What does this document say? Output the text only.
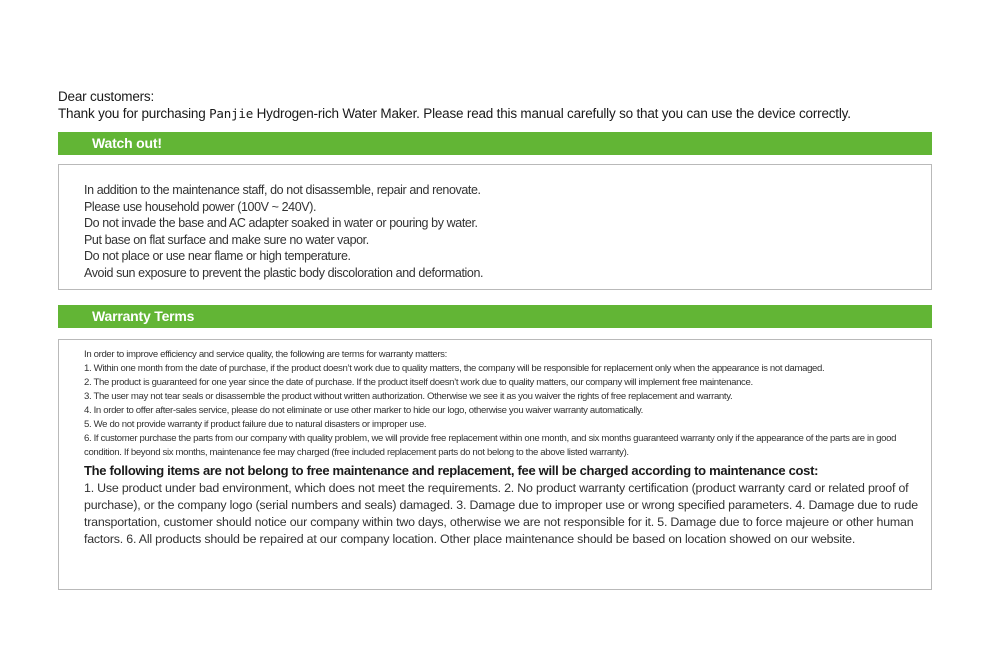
Dear customers:
Thank you for purchasing Panjie Hydrogen-rich Water Maker. Please read this manual carefully so that you can use the device correctly.
Watch out!
In addition to the maintenance staff, do not disassemble, repair and renovate.
Please use household power (100V ~ 240V).
Do not invade the base and AC adapter soaked in water or pouring by water.
Put base on flat surface and make sure no water vapor.
Do not place or use near flame or high temperature.
Avoid sun exposure to prevent the plastic body discoloration and deformation.
Warranty Terms
In order to improve efficiency and service quality, the following are terms for warranty matters:
1. Within one month from the date of purchase, if the product doesn’t work due to quality matters, the company will be responsible for replacement only when the appearance is not damaged.
2. The product is guaranteed for one year since the date of purchase. If the product itself doesn’t work due to quality matters, our company will implement free maintenance.
3. The user may not tear seals or disassemble the product without written authorization. Otherwise we see it as you waiver the rights of free replacement and warranty.
4. In order to offer after-sales service, please do not eliminate or use other marker to hide our logo, otherwise you waiver warranty automatically.
5. We do not provide warranty if product failure due to natural disasters or improper use.
6. If customer purchase the parts from our company with quality problem, we will provide free replacement within one month, and six months guaranteed warranty only if the appearance of the parts are in good condition. If beyond six months, maintenance fee may charged (free included replacement parts do not belong to the above listed warranty).
The following items are not belong to free maintenance and replacement, fee will be charged according to maintenance cost:
1. Use product under bad environment, which does not meet the requirements. 2. No product warranty certification (product warranty card or related proof of purchase), or the company logo (serial numbers and seals) damaged. 3. Damage due to improper use or wrong specified parameters. 4. Damage due to rude transportation, customer should notice our company within two days, otherwise we are not responsible for it. 5. Damage due to force majeure or other human factors. 6. All products should be repaired at our company location. Other place maintenance should be based on location showed on our website.
